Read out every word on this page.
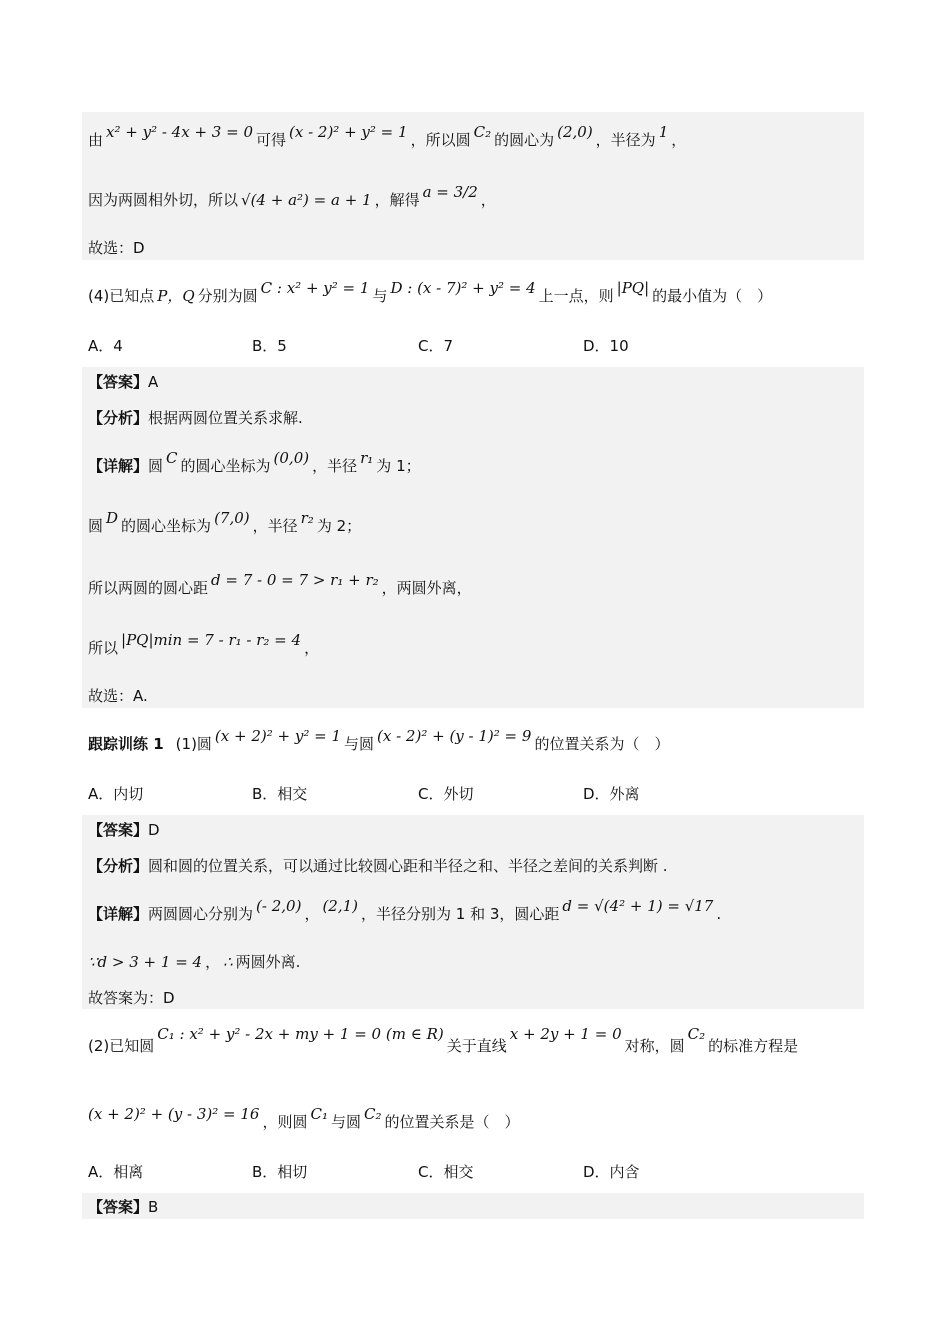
由 x² + y² - 4x + 3 = 0 可得 (x - 2)² + y² = 1 ，所以圆 C₂ 的圆心为 (2,0) ，半径为 1 ，
因为两圆相外切，所以 √(4 + a²) = a + 1 ，解得 a = 3/2 ，
故选：D
(4)已知点 P，Q 分别为圆 C : x² + y² = 1 与 D : (x - 7)² + y² = 4 上一点，则 |PQ| 的最小值为（　）
A．4	B．5	C．7	D．10
【答案】 A
【分析】 根据两圆位置关系求解.
【详解】 圆 C 的圆心坐标为 (0,0) ，半径 r₁ 为 1；
圆 D 的圆心坐标为 (7,0) ，半径 r₂ 为 2；
所以两圆的圆心距 d = 7 - 0 = 7 > r₁ + r₂ ，两圆外离，
所以 |PQ|min = 7 - r₁ - r₂ = 4 ，
故选：A.
跟踪训练 1 (1)圆 (x + 2)² + y² = 1 与圆 (x - 2)² + (y - 1)² = 9 的位置关系为（　）
A．内切	B．相交	C．外切	D．外离
【答案】 D
【分析】 圆和圆的位置关系，可以通过比较圆心距和半径之和、半径之差间的关系判断 .
【详解】 两圆圆心分别为 (- 2,0) ， (2,1) ，半径分别为 1 和 3，圆心距 d = √(4² + 1) = √17 .
∵d > 3 + 1 = 4 ， ∴ 两圆外离.
故答案为：D
(2)已知圆
C₁ : x² + y² - 2x + my + 1 = 0 (m ∈ R)
关于直线
x + 2y + 1 = 0
对称，圆
C₂
的标准方程是
(x + 2)² + (y - 3)² = 16 ，则圆 C₁ 与圆 C₂ 的位置关系是（　）
A．相离	B．相切	C．相交	D．内含
【答案】 B
